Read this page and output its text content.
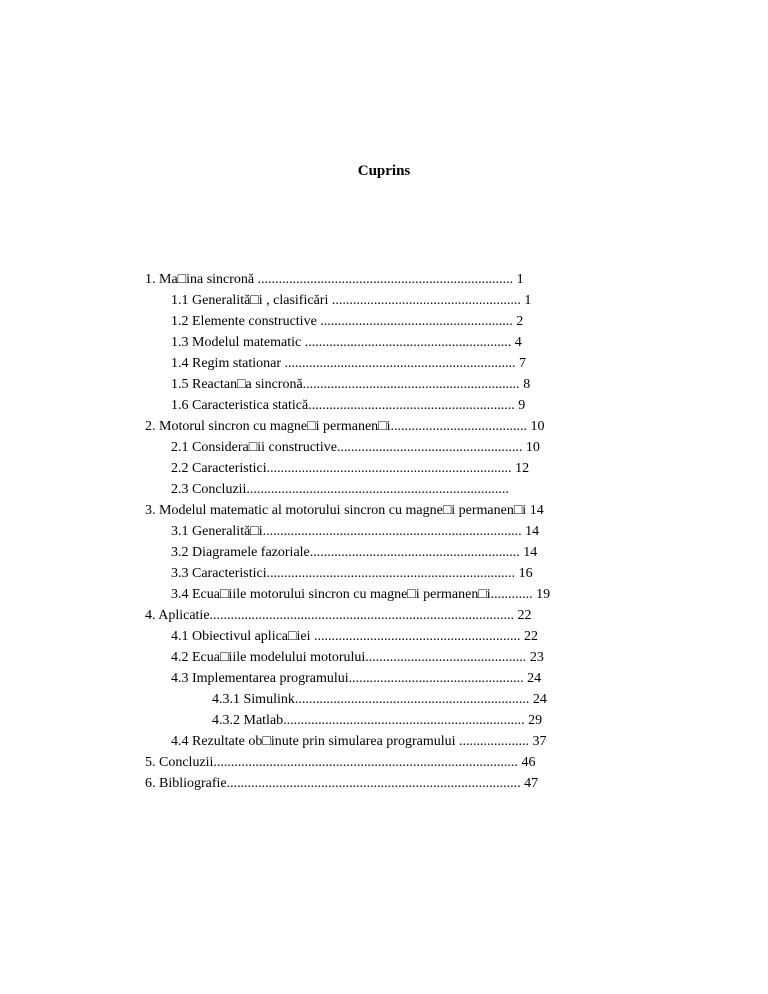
Cuprins
1. Ma□ina sincronă ......................................................................... 1
1.1 Generalită□i , clasificări ...................................................... 1
1.2 Elemente constructive ....................................................... 2
1.3 Modelul matematic ........................................................... 4
1.4 Regim stationar .................................................................. 7
1.5 Reactan□a sincronă.............................................................. 8
1.6 Caracteristica statică........................................................... 9
2. Motorul sincron cu magne□i permanen□i....................................... 10
2.1 Considera□ii constructive..................................................... 10
2.2 Caracteristici...................................................................... 12
2.3 Concluzii...........................................................................
3. Modelul matematic al motorului sincron cu magne□i permanen□i 14
3.1 Generalită□i.......................................................................... 14
3.2 Diagramele fazoriale............................................................ 14
3.3 Caracteristici....................................................................... 16
3.4 Ecua□iile motorului sincron cu magne□i permanen□i............ 19
4. Aplicatie....................................................................................... 22
4.1 Obiectivul aplica□iei ........................................................... 22
4.2 Ecua□iile modelului motorului.............................................. 23
4.3 Implementarea programului.................................................. 24
4.3.1 Simulink................................................................... 24
4.3.2 Matlab..................................................................... 29
4.4 Rezultate ob□inute prin simularea programului .................... 37
5. Concluzii....................................................................................... 46
6. Bibliografie.................................................................................... 47
